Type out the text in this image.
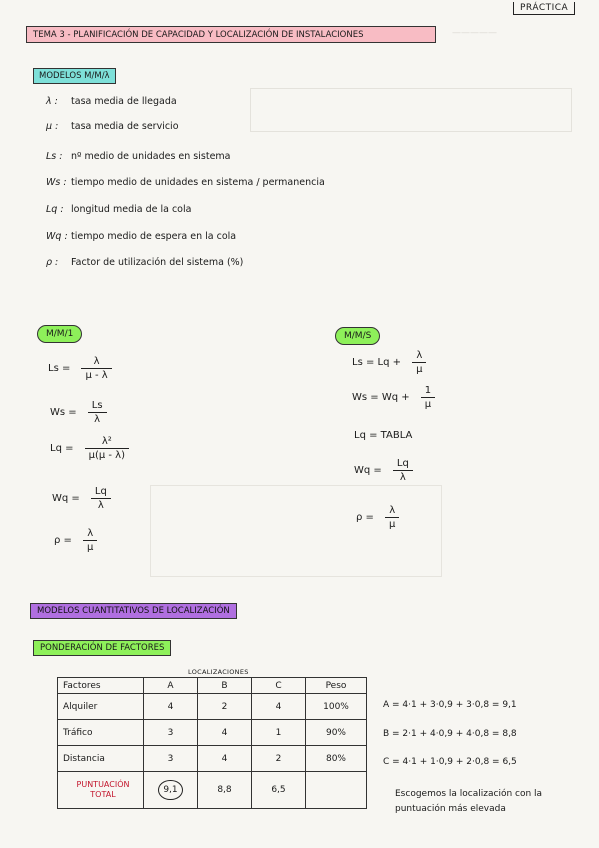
—————
PRÁCTICA
TEMA 3 - PLANIFICACIÓN DE CAPACIDAD Y LOCALIZACIÓN DE INSTALACIONES
MODELOS M/M/λ
λ : tasa media de llegada
μ : tasa media de servicio
Ls : nº medio de unidades en sistema
Ws : tiempo medio de unidades en sistema / permanencia
Lq : longitud media de la cola
Wq : tiempo medio de espera en la cola
ρ : Factor de utilización del sistema (%)
M/M/1
$Ls = \frac{\lambda}{\mu - \lambda}$
$Ws = \frac{Ls}{\lambda}$
$Lq = \frac{\text{λ²}}{\mu(\mu - \lambda)}$
$Wq = \frac{Lq}{\lambda}$
$\rho = \frac{\lambda}{\mu}$
M/M/S
$Ls = Lq + \frac{\lambda}{\mu}$
$Ws = Wq + \frac{1}{\mu}$
Lq = TABLA
$Wq = \frac{Lq}{\lambda}$
$\rho = \frac{\lambda}{\mu}$
MODELOS CUANTITATIVOS DE LOCALIZACIÓN
PONDERACIÓN DE FACTORES
LOCALIZACIONES
Factores	A	B	C	Peso
Alquiler	4	2	4	100%
Tráfico	3	4	1	90%
Distancia	3	4	2	80%

PUNTUACIÓN
TOTAL	9,1	8,8	6,5	
A = 4·1 + 3·0,9 + 3·0,8 = 9,1
B = 2·1 + 4·0,9 + 4·0,8 = 8,8
C = 4·1 + 1·0,9 + 2·0,8 = 6,5
Escogemos la localización con la puntuación más elevada
